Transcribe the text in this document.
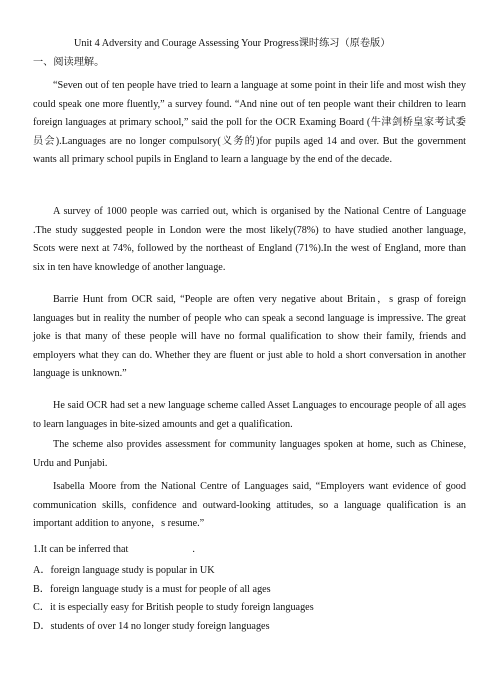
Unit 4 Adversity and Courage Assessing Your Progress课时练习（原卷版）
一、阅读理解。

“Seven out of ten people have tried to learn a language at some point in their life and most wish they could speak one more fluently,” a survey found. “And nine out of ten people want their children to learn foreign languages at primary school,” said the poll for the OCR Examing Board (牛津剑桥皇家考试委员会).Languages are no longer compulsory(义务的)for pupils aged 14 and over. But the government wants all primary school pupils in England to learn a language by the end of the decade.

A survey of 1000 people was carried out, which is organised by the National Centre of Language .The study suggested people in London were the most likely(78%) to have studied another language, Scots were next at 74%, followed by the northeast of England (71%).In the west of England, more than six in ten have knowledge of another language.

Barrie Hunt from OCR said, “People are often very negative about Britain，s grasp of foreign languages but in reality the number of people who can speak a second language is impressive. The great joke is that many of these people will have no formal qualification to show their family, friends and employers what they can do. Whether they are fluent or just able to hold a short conversation in another language is unknown.”

He said OCR had set a new language scheme called Asset Languages to encourage people of all ages to learn languages in bite-sized amounts and get a qualification.

The scheme also provides assessment for community languages spoken at home, such as Chinese, Urdu and Punjabi.

Isabella Moore from the National Centre of Languages said, “Employers want evidence of good communication skills, confidence and outward-looking attitudes, so a language qualification is an important addition to anyone，s resume.”

1.It can be inferred that	.
A．foreign language study is popular in UK
B．foreign language study is a must for people of all ages
C．it is especially easy for British people to study foreign languages
D．students of over 14 no longer study foreign languages
